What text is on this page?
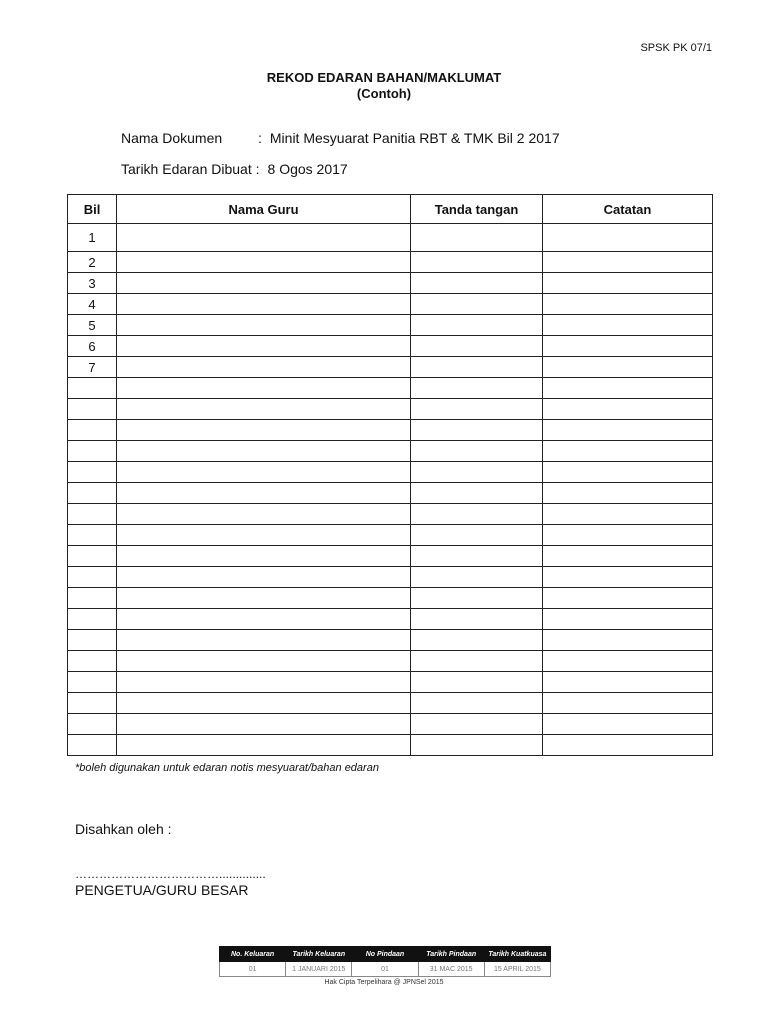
SPSK PK 07/1
REKOD EDARAN BAHAN/MAKLUMAT
(Contoh)
Nama Dokumen	: Minit Mesyuarat Panitia RBT & TMK Bil 2 2017
Tarikh Edaran Dibuat : 8 Ogos 2017
Bil	Nama Guru	Tanda tangan	Catatan
1			
2			
3			
4			
5			
6			
7			

*boleh digunakan untuk edaran notis mesyuarat/bahan edaran
Disahkan oleh :
………………………………..............
PENGETUA/GURU BESAR
No. Keluaran	Tarikh Keluaran	No Pindaan	Tarikh Pindaan	Tarikh Kuatkuasa
01	1 JANUARI 2015	01	31 MAC 2015	15 APRIL 2015
Hak Cipta Terpelihara @ JPNSel 2015
